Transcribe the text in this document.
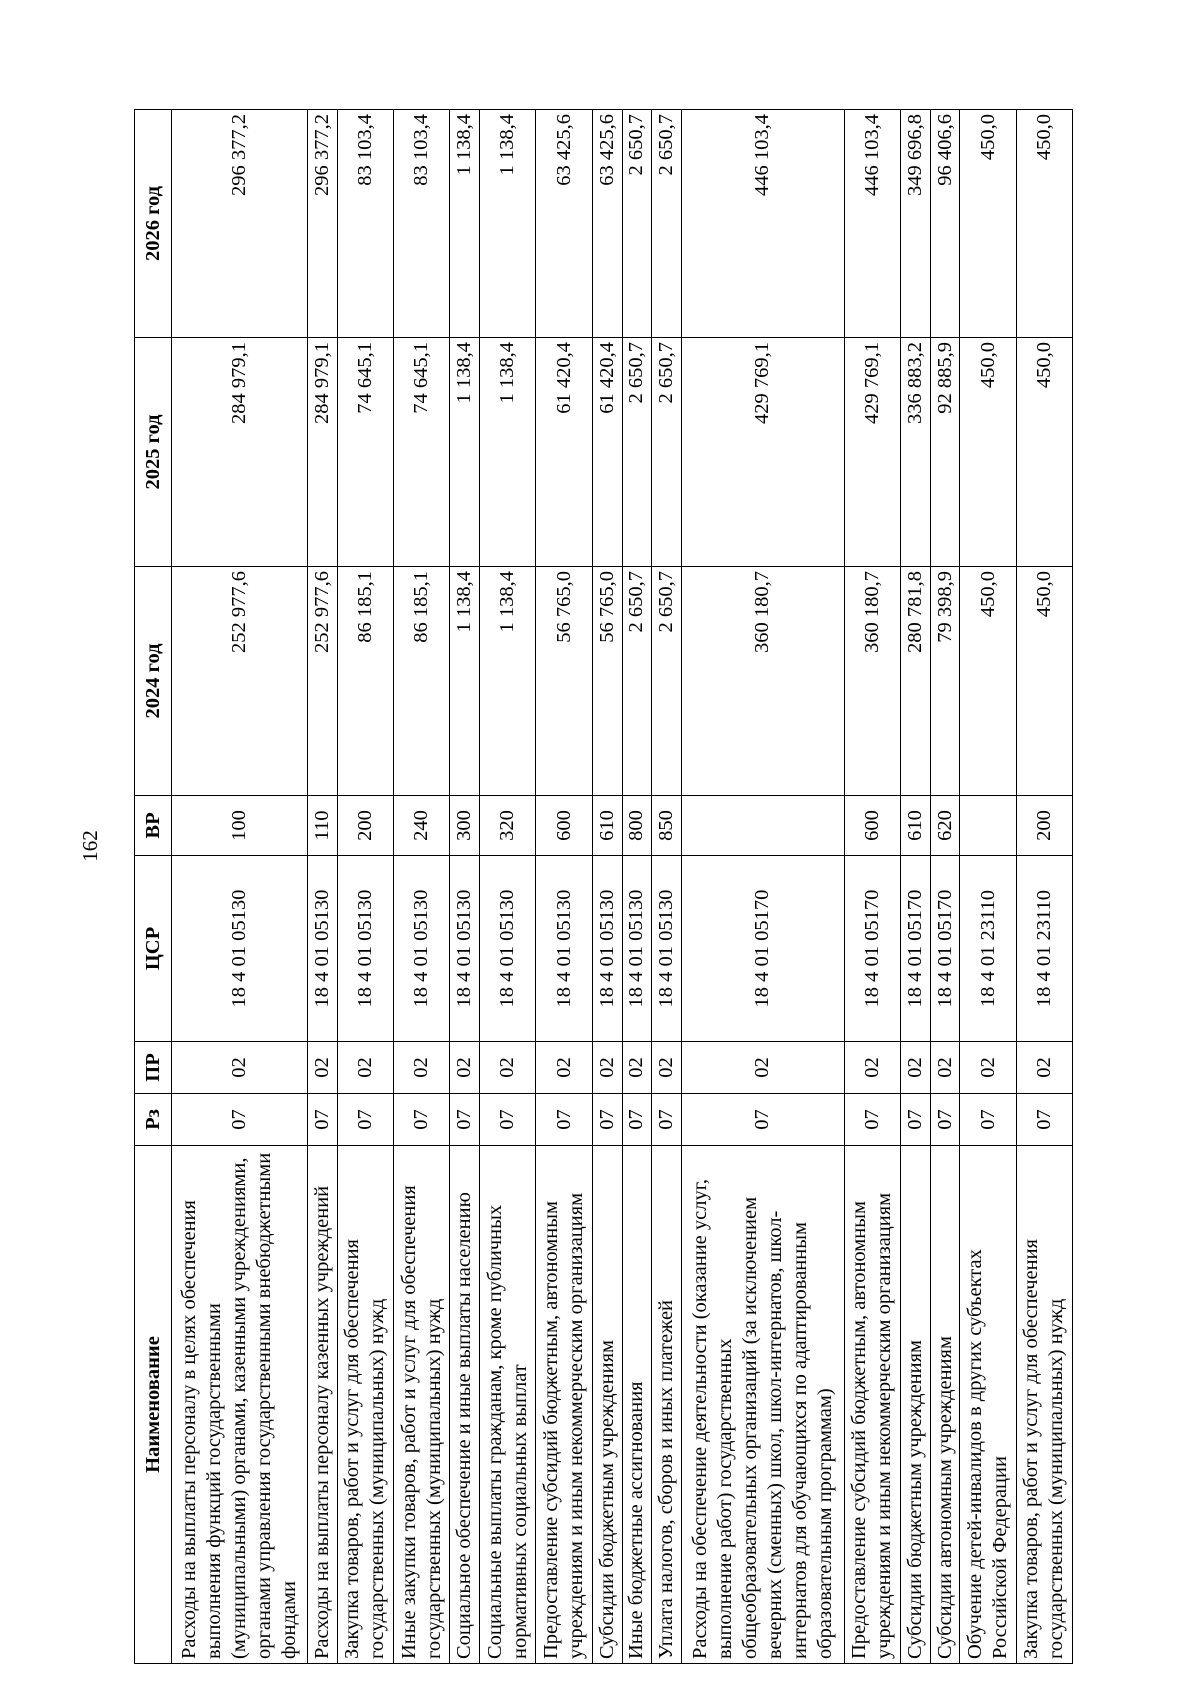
162
Наименование	Рз	ПР	ЦСР	ВР	2024 год	2025 год	2026 год
Расходы на выплаты персоналу в целях обеспечения выполнения функций государственными (муниципальными) органами, казенными учреждениями, органами управления государственными внебюджетными фондами	07	02	18 4 01 05130	100	252 977,6	284 979,1	296 377,2
Расходы на выплаты персоналу казенных учреждений	07	02	18 4 01 05130	110	252 977,6	284 979,1	296 377,2
Закупка товаров, работ и услуг для обеспечения государственных (муниципальных) нужд	07	02	18 4 01 05130	200	86 185,1	74 645,1	83 103,4
Иные закупки товаров, работ и услуг для обеспечения государственных (муниципальных) нужд	07	02	18 4 01 05130	240	86 185,1	74 645,1	83 103,4
Социальное обеспечение и иные выплаты населению	07	02	18 4 01 05130	300	1 138,4	1 138,4	1 138,4
Социальные выплаты гражданам, кроме публичных нормативных социальных выплат	07	02	18 4 01 05130	320	1 138,4	1 138,4	1 138,4
Предоставление субсидий бюджетным, автономным учреждениям и иным некоммерческим организациям	07	02	18 4 01 05130	600	56 765,0	61 420,4	63 425,6
Субсидии бюджетным учреждениям	07	02	18 4 01 05130	610	56 765,0	61 420,4	63 425,6
Иные бюджетные ассигнования	07	02	18 4 01 05130	800	2 650,7	2 650,7	2 650,7
Уплата налогов, сборов и иных платежей	07	02	18 4 01 05130	850	2 650,7	2 650,7	2 650,7
Расходы на обеспечение деятельности (оказание услуг, выполнение работ) государственных общеобразовательных организаций (за исключением вечерних (сменных) школ, школ-интернатов, школ-интернатов для обучающихся по адаптированным образовательным программам)	07	02	18 4 01 05170		360 180,7	429 769,1	446 103,4
Предоставление субсидий бюджетным, автономным учреждениям и иным некоммерческим организациям	07	02	18 4 01 05170	600	360 180,7	429 769,1	446 103,4
Субсидии бюджетным учреждениям	07	02	18 4 01 05170	610	280 781,8	336 883,2	349 696,8
Субсидии автономным учреждениям	07	02	18 4 01 05170	620	79 398,9	92 885,9	96 406,6
Обучение детей-инвалидов в других субъектах Российской Федерации	07	02	18 4 01 23110		450,0	450,0	450,0
Закупка товаров, работ и услуг для обеспечения государственных (муниципальных) нужд	07	02	18 4 01 23110	200	450,0	450,0	450,0
